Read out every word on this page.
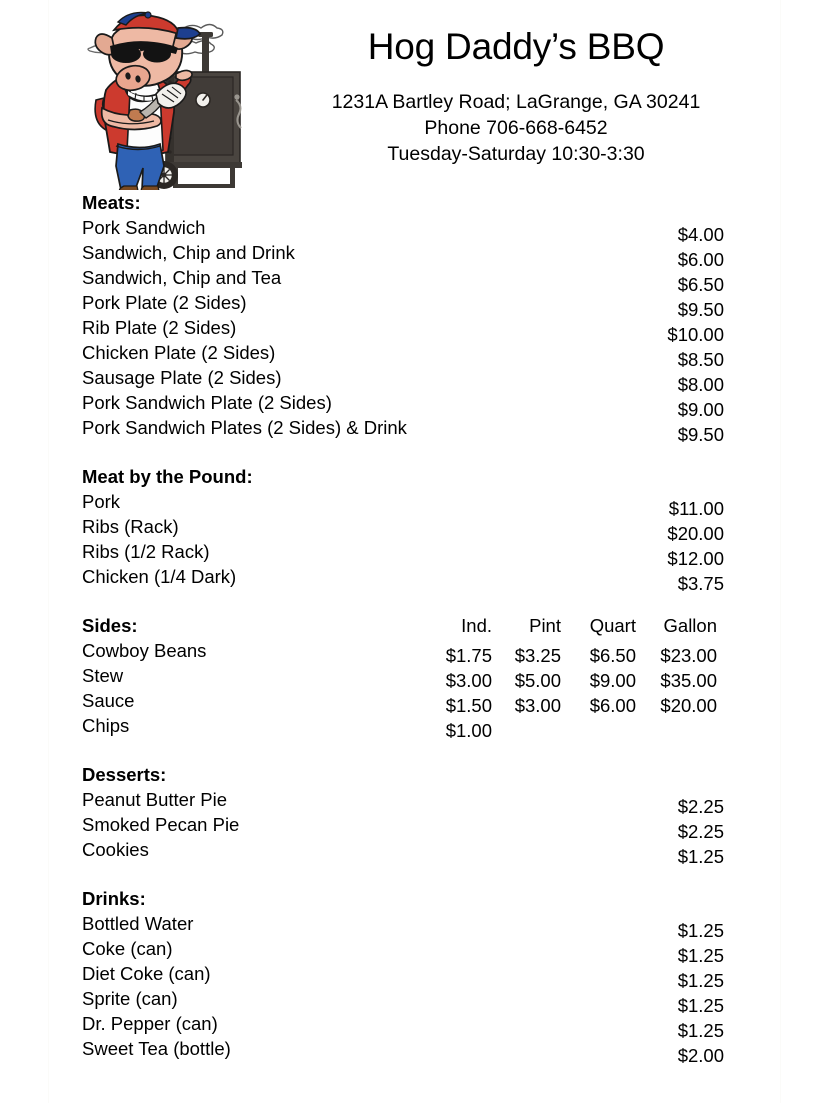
Hog Daddy’s BBQ
1231A Bartley Road; LaGrange, GA 30241
Phone 706-668-6452
Tuesday-Saturday 10:30-3:30
Meats:
Pork Sandwich	$4.00
Sandwich, Chip and Drink	$6.00
Sandwich, Chip and Tea	$6.50
Pork Plate (2 Sides)	$9.50
Rib Plate (2 Sides)	$10.00
Chicken Plate (2 Sides)	$8.50
Sausage Plate (2 Sides)	$8.00
Pork Sandwich Plate (2 Sides)	$9.00
Pork Sandwich Plates (2 Sides) & Drink	$9.50
Meat by the Pound:
Pork	$11.00
Ribs (Rack)	$20.00
Ribs (1/2 Rack)	$12.00
Chicken (1/4 Dark)	$3.75
Sides:	Ind.	Pint	Quart	Gallon
Cowboy Beans	$1.75	$3.25	$6.50	$23.00
Stew	$3.00	$5.00	$9.00	$35.00
Sauce	$1.50	$3.00	$6.00	$20.00
Chips	$1.00
Desserts:
Peanut Butter Pie	$2.25
Smoked Pecan Pie	$2.25
Cookies	$1.25
Drinks:
Bottled Water	$1.25
Coke (can)	$1.25
Diet Coke (can)	$1.25
Sprite (can)	$1.25
Dr. Pepper (can)	$1.25
Sweet Tea (bottle)	$2.00
